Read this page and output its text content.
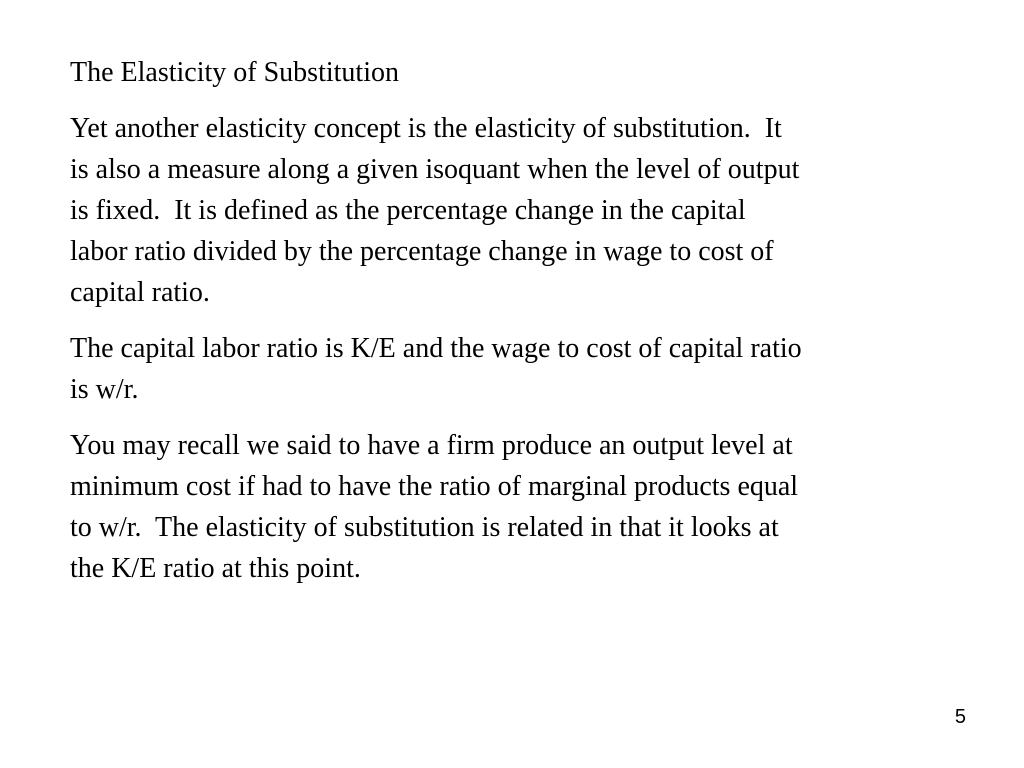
The Elasticity of Substitution
Yet another elasticity concept is the elasticity of substitution.  It
is also a measure along a given isoquant when the level of output
is fixed.  It is defined as the percentage change in the capital
labor ratio divided by the percentage change in wage to cost of
capital ratio.
The capital labor ratio is K/E and the wage to cost of capital ratio
is w/r.
You may recall we said to have a firm produce an output level at
minimum cost if had to have the ratio of marginal products equal
to w/r.  The elasticity of substitution is related in that it looks at
the K/E ratio at this point.
5
